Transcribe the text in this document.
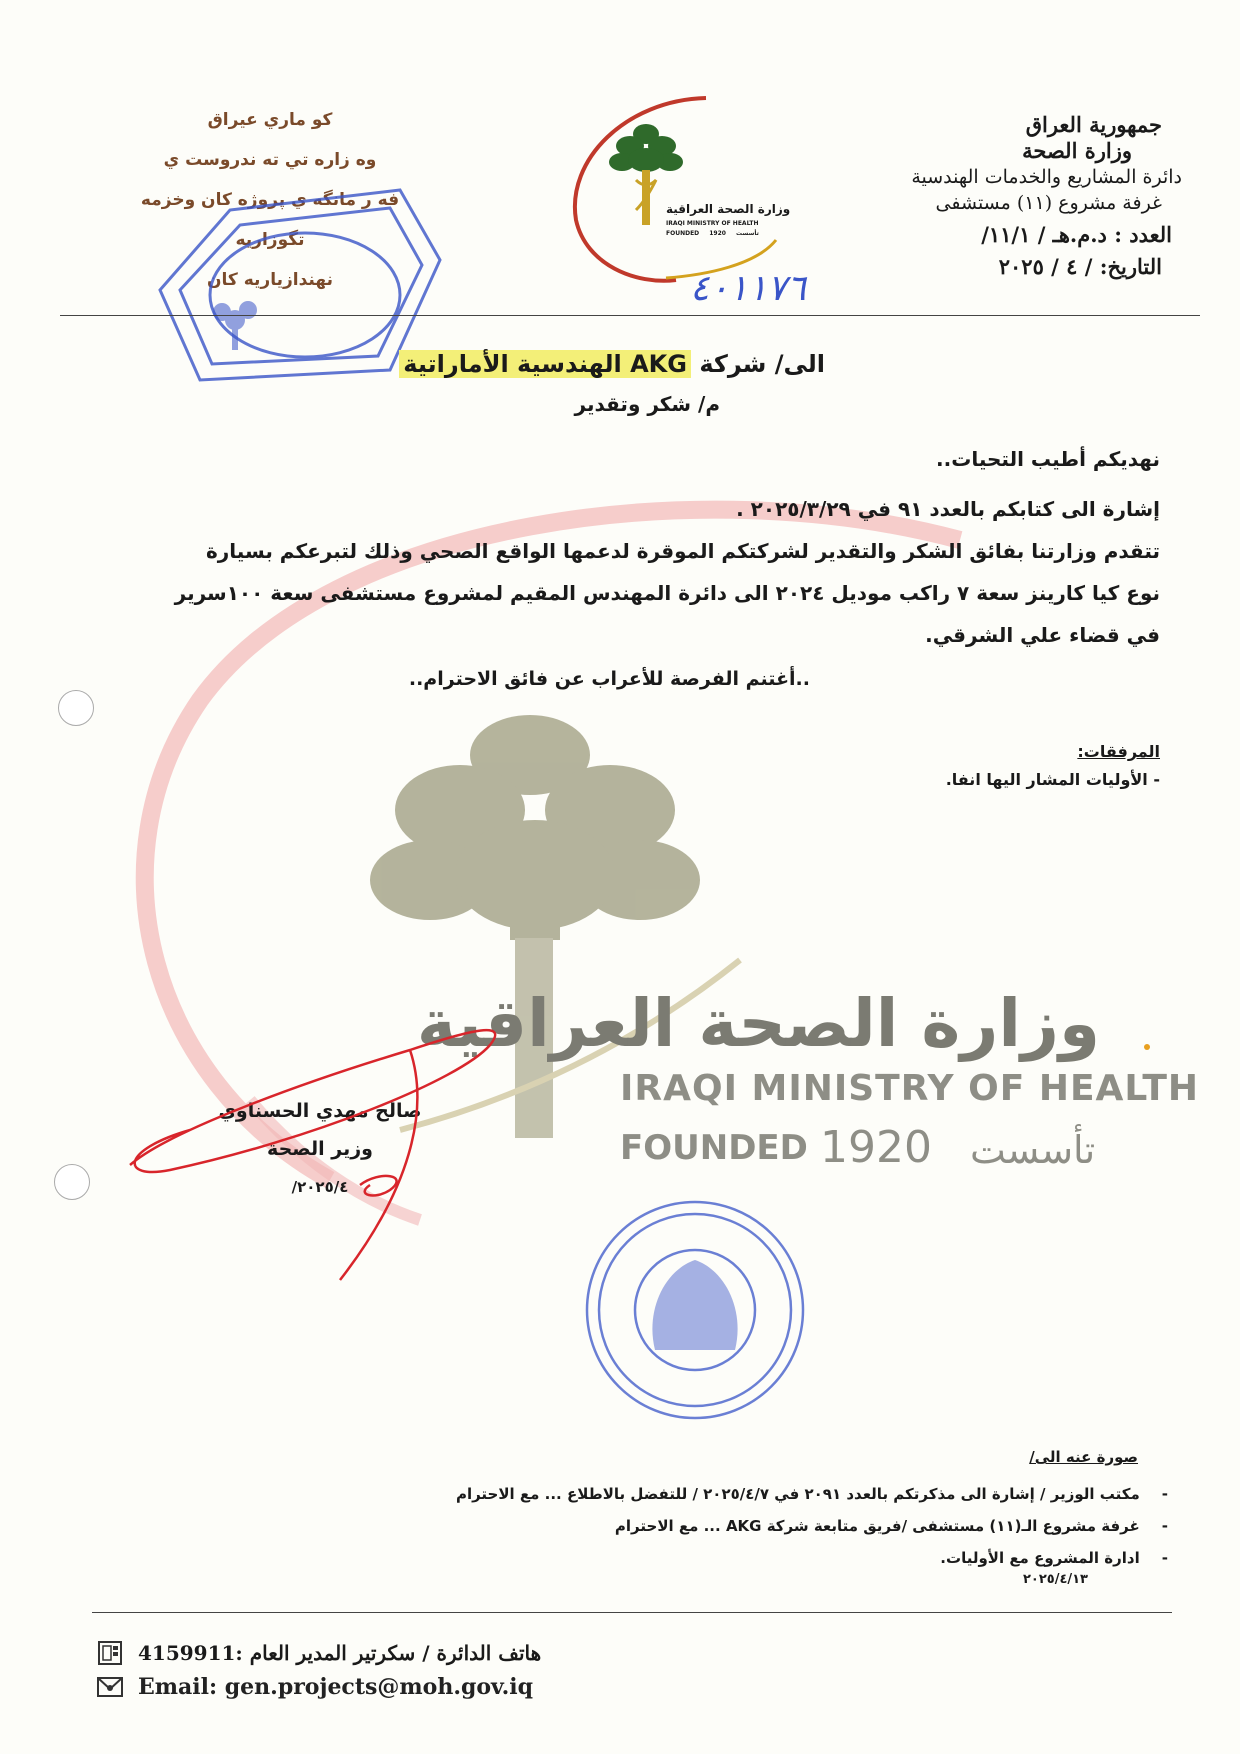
وزارة الصحة العراقية
IRAQI MINISTRY OF HEALTH
FOUNDED 1920 تأسست
جمهورية العراق
وزارة الصحة
دائرة المشاريع والخدمات الهندسية
غرفة مشروع (١١) مستشفى
العدد : د.م.هـ / ١١/١/
التاريخ: / ٤ / ٢٠٢٥
كو ماري عيراق
وه زاره تي ته ندروست ي
فه ر مانگه ي پروژه كان وخزمه تگوزاريه
نهندازياريه كان
وزارة الصحة العراقية
IRAQI MINISTRY OF HEALTH
FOUNDED 1920 تأسست
٤٠١١٧٦
الى/ شركة AKG الهندسية الأماراتية
م/ شكر وتقدير

نهديكم أطيب التحيات..

إشارة الى كتابكم بالعدد ٩١ في ٢٠٢٥/٣/٢٩ .

تتقدم وزارتنا بفائق الشكر والتقدير لشركتكم الموقرة لدعمها الواقع الصحي وذلك لتبرعكم بسيارة

نوع كيا كارينز سعة ٧ راكب موديل ٢٠٢٤ الى دائرة المهندس المقيم لمشروع مستشفى سعة ١٠٠سرير

في قضاء علي الشرقي.

..أغتنم الفرصة للأعراب عن فائق الاحترام..
المرفقات:
- الأوليات المشار اليها انفا.
صالح مهدي الحسناوي
وزير الصحة
٢٠٢٥/٤/
صورة عنه الى/
-
مكتب الوزير / إشارة الى مذكرتكم بالعدد ٢٠٩١ في ٢٠٢٥/٤/٧ / للتفضل بالاطلاع ... مع الاحترام
-
غرفة مشروع الـ(١١) مستشفى /فريق متابعة شركة AKG ... مع الاحترام
-
ادارة المشروع مع الأوليات.
٢٠٢٥/٤/١٣
هاتف الدائرة / سكرتير المدير العام :4159911
Email: gen.projects@moh.gov.iq
